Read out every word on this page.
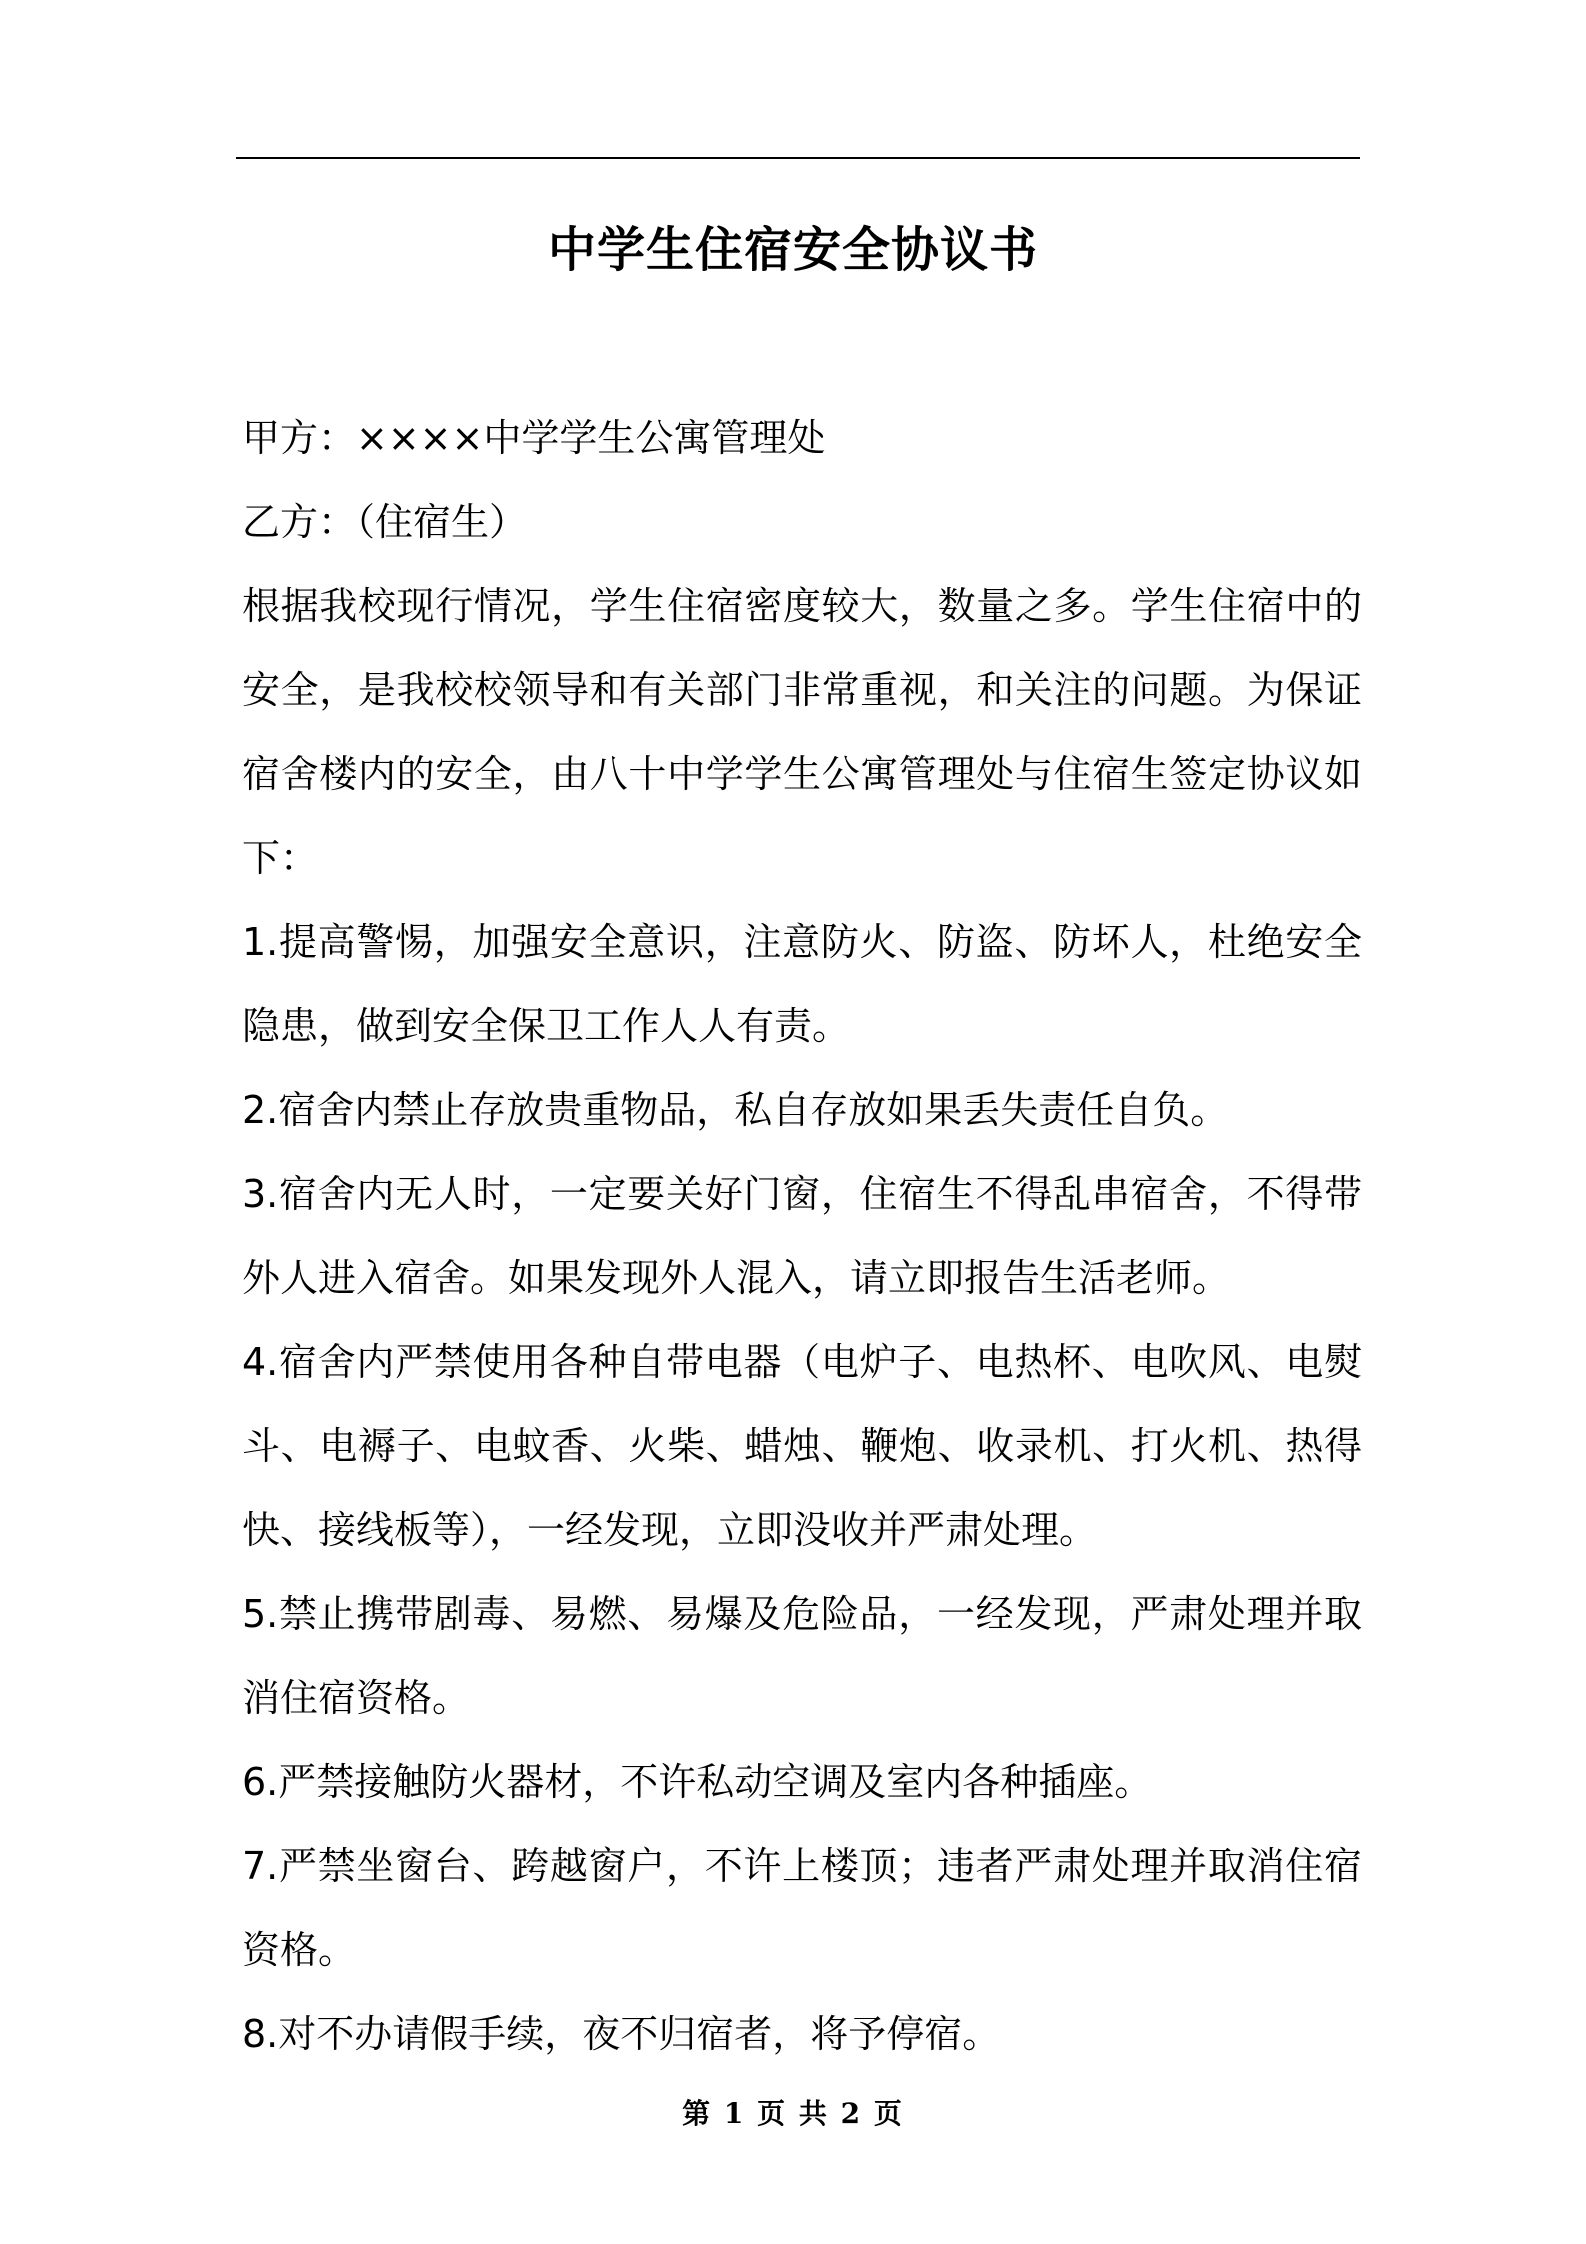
中学生住宿安全协议书

甲方：××××中学学生公寓管理处

乙方：（住宿生）

根据我校现行情况，学生住宿密度较大，数量之多。学生住宿中的安全，是我校校领导和有关部门非常重视，和关注的问题。为保证宿舍楼内的安全，由八十中学学生公寓管理处与住宿生签定协议如下：

1.提高警惕，加强安全意识，注意防火、防盗、防坏人，杜绝安全隐患，做到安全保卫工作人人有责。

2.宿舍内禁止存放贵重物品，私自存放如果丢失责任自负。

3.宿舍内无人时，一定要关好门窗，住宿生不得乱串宿舍，不得带外人进入宿舍。如果发现外人混入，请立即报告生活老师。

4.宿舍内严禁使用各种自带电器（电炉子、电热杯、电吹风、电熨斗、电褥子、电蚊香、火柴、蜡烛、鞭炮、收录机、打火机、热得快、接线板等），一经发现，立即没收并严肃处理。

5.禁止携带剧毒、易燃、易爆及危险品，一经发现，严肃处理并取消住宿资格。

6.严禁接触防火器材，不许私动空调及室内各种插座。

7.严禁坐窗台、跨越窗户，不许上楼顶；违者严肃处理并取消住宿资格。

8.对不办请假手续，夜不归宿者，将予停宿。

第 1 页 共 2 页
